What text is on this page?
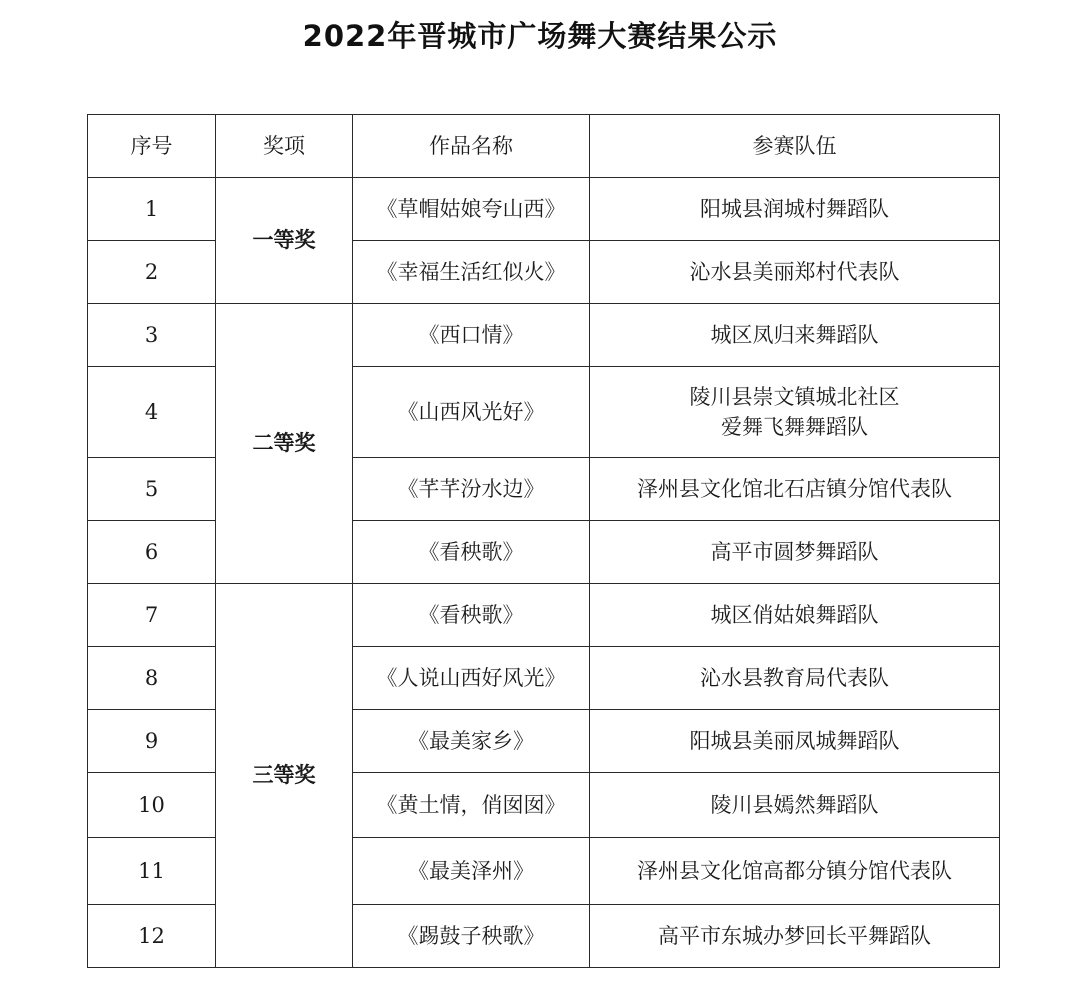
2022年晋城市广场舞大赛结果公示
序号	奖项	作品名称	参赛队伍
1	一等奖	《草帽姑娘夸山西》	阳城县润城村舞蹈队
2		《幸福生活红似火》	沁水县美丽郑村代表队
3	二等奖	《西口情》	城区凤归来舞蹈队
4		《山西风光好》	陵川县崇文镇城北社区
爱舞飞舞舞蹈队

5		《芊芊汾水边》	泽州县文化馆北石店镇分馆代表队
6		《看秧歌》	高平市圆梦舞蹈队
7	三等奖	《看秧歌》	城区俏姑娘舞蹈队
8		《人说山西好风光》	沁水县教育局代表队
9		《最美家乡》	阳城县美丽凤城舞蹈队
10		《黄土情，俏囡囡》	陵川县嫣然舞蹈队
11		《最美泽州》	泽州县文化馆高都分镇分馆代表队
12		《踢鼓子秧歌》	高平市东城办梦回长平舞蹈队
